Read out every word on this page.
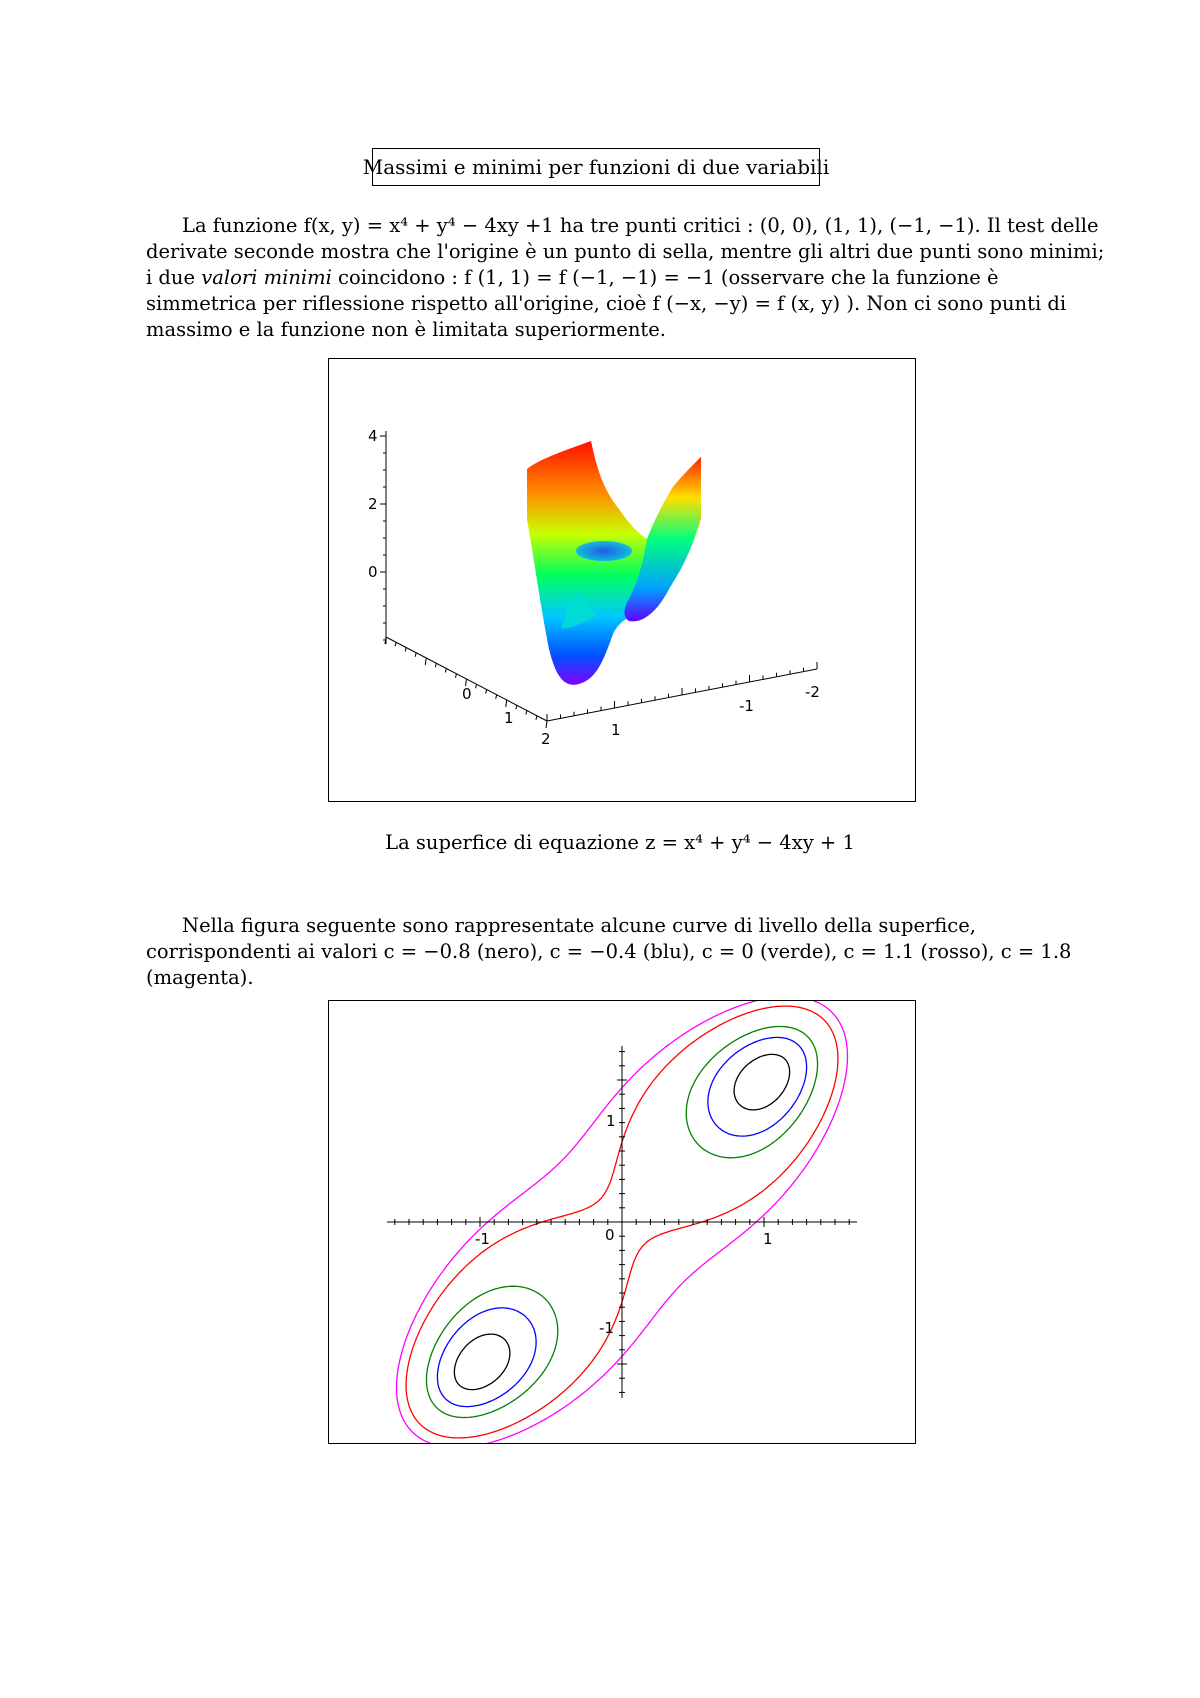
Massimi e minimi per funzioni di due variabili

La funzione f(x, y) = x⁴ + y⁴ − 4xy +1 ha tre punti critici : (0, 0), (1, 1), (−1, −1). Il test delle
derivate seconde mostra che l'origine è un punto di sella, mentre gli altri due punti sono minimi;
i due valori minimi coincidono : f (1, 1) = f (−1, −1) = −1 (osservare che la funzione è
simmetrica per riflessione rispetto all'origine, cioè f (−x, −y) = f (x, y) ). Non ci sono punti di
massimo e la funzione non è limitata superiormente.

4
2
0
0
1
2	1
-1
-2
La superfice di equazione z = x⁴ + y⁴ − 4xy + 1

Nella figura seguente sono rappresentate alcune curve di livello della superfice,
corrispondenti ai valori c = −0.8 (nero), c = −0.4 (blu), c = 0 (verde), c = 1.1 (rosso), c = 1.8
(magenta).

-1	0	1
1
-1
